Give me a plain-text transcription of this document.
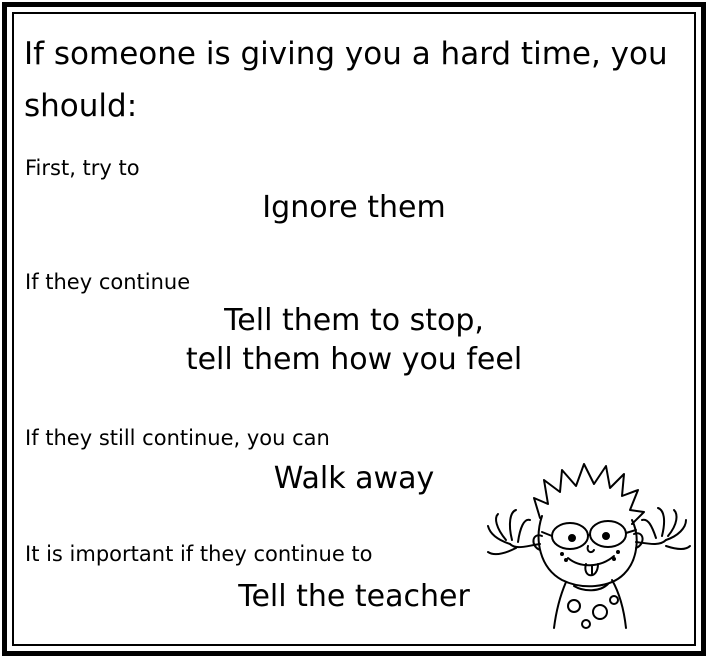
If someone is giving you a hard time, you should:

First, try to

Ignore them

If they continue

Tell them to stop,

tell them how you feel

If they still continue, you can

Walk away

It is important if they continue to

Tell the teacher
